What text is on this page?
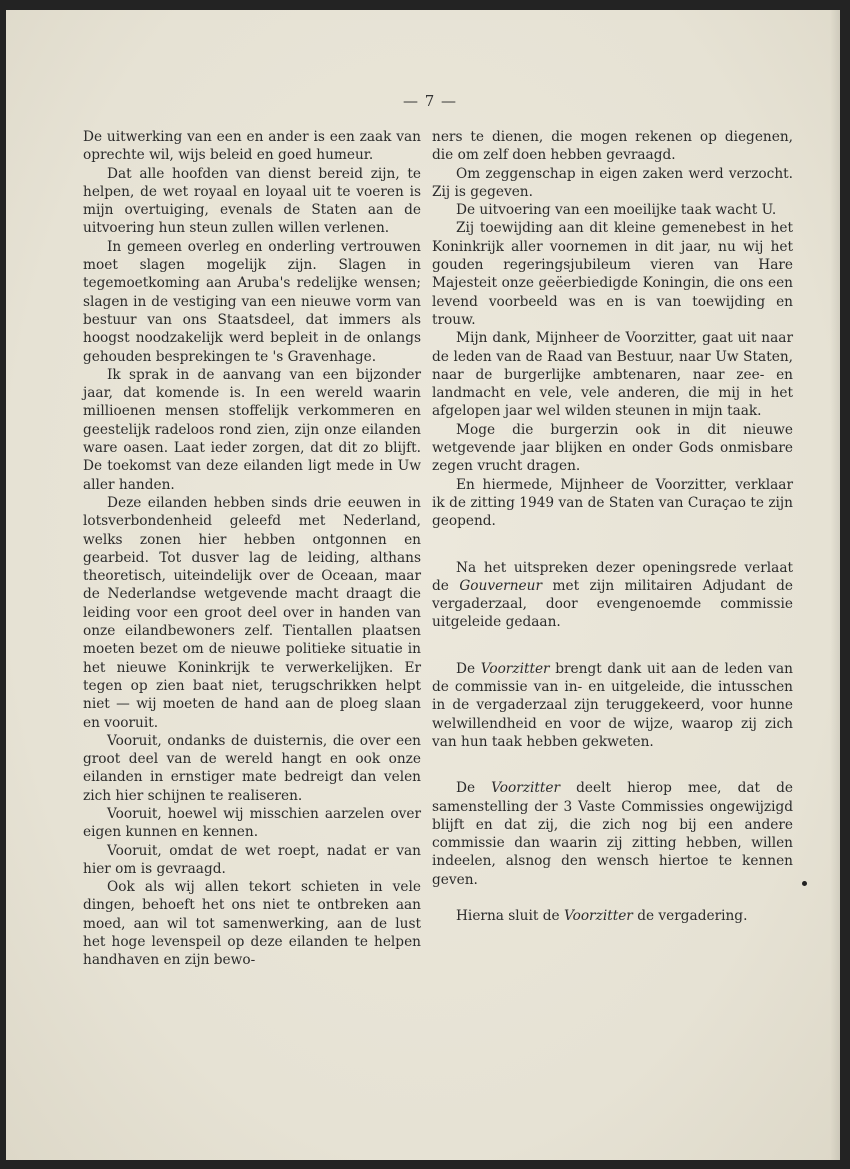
— 7 —

De uitwerking van een en ander is een zaak van oprechte wil, wijs beleid en goed humeur.

Dat alle hoofden van dienst bereid zijn, te helpen, de wet royaal en loyaal uit te voeren is mijn overtuiging, evenals de Staten aan de uitvoering hun steun zullen willen verlenen.

In gemeen overleg en onderling vertrouwen moet slagen mogelijk zijn. Slagen in tegemoetkoming aan Aruba's redelijke wensen; slagen in de vestiging van een nieuwe vorm van bestuur van ons Staatsdeel, dat immers als hoogst noodzakelijk werd bepleit in de onlangs gehouden besprekingen te 's Gravenhage.

Ik sprak in de aanvang van een bijzonder jaar, dat komende is. In een wereld waarin millioenen mensen stoffelijk verkommeren en geestelijk radeloos rond zien, zijn onze eilanden ware oasen. Laat ieder zorgen, dat dit zo blijft. De toekomst van deze eilanden ligt mede in Uw aller handen.

Deze eilanden hebben sinds drie eeuwen in lotsverbondenheid geleefd met Nederland, welks zonen hier hebben ontgonnen en gearbeid. Tot dusver lag de leiding, althans theoretisch, uiteindelijk over de Oceaan, maar de Nederlandse wetgevende macht draagt die leiding voor een groot deel over in handen van onze eilandbewoners zelf. Tientallen plaatsen moeten bezet om de nieuwe politieke situatie in het nieuwe Koninkrijk te verwerkelijken. Er tegen op zien baat niet, terugschrikken helpt niet — wij moeten de hand aan de ploeg slaan en vooruit.

Vooruit, ondanks de duisternis, die over een groot deel van de wereld hangt en ook onze eilanden in ernstiger mate bedreigt dan velen zich hier schijnen te realiseren.

Vooruit, hoewel wij misschien aarzelen over eigen kunnen en kennen.

Vooruit, omdat de wet roept, nadat er van hier om is gevraagd.

Ook als wij allen tekort schieten in vele dingen, behoeft het ons niet te ontbreken aan moed, aan wil tot samenwerking, aan de lust het hoge levenspeil op deze eilanden te helpen handhaven en zijn bewo-

ners te dienen, die mogen rekenen op diegenen, die om zelf doen hebben gevraagd.

Om zeggenschap in eigen zaken werd verzocht. Zij is gegeven.

De uitvoering van een moeilijke taak wacht U.

Zij toewijding aan dit kleine gemenebest in het Koninkrijk aller voornemen in dit jaar, nu wij het gouden regeringsjubileum vieren van Hare Majesteit onze geëerbiedigde Koningin, die ons een levend voorbeeld was en is van toewijding en trouw.

Mijn dank, Mijnheer de Voorzitter, gaat uit naar de leden van de Raad van Bestuur, naar Uw Staten, naar de burgerlijke ambtenaren, naar zee- en landmacht en vele, vele anderen, die mij in het afgelopen jaar wel wilden steunen in mijn taak.

Moge die burgerzin ook in dit nieuwe wetgevende jaar blijken en onder Gods onmisbare zegen vrucht dragen.

En hiermede, Mijnheer de Voorzitter, verklaar ik de zitting 1949 van de Staten van Curaçao te zijn geopend.

Na het uitspreken dezer openingsrede verlaat de Gouverneur met zijn militairen Adjudant de vergaderzaal, door evengenoemde commissie uitgeleide gedaan.

De Voorzitter brengt dank uit aan de leden van de commissie van in- en uitgeleide, die intusschen in de vergaderzaal zijn teruggekeerd, voor hunne welwillendheid en voor de wijze, waarop zij zich van hun taak hebben gekweten.

De Voorzitter deelt hierop mee, dat de samenstelling der 3 Vaste Commissies ongewijzigd blijft en dat zij, die zich nog bij een andere commissie dan waarin zij zitting hebben, willen indeelen, alsnog den wensch hiertoe te kennen geven.

Hierna sluit de Voorzitter de vergadering.
